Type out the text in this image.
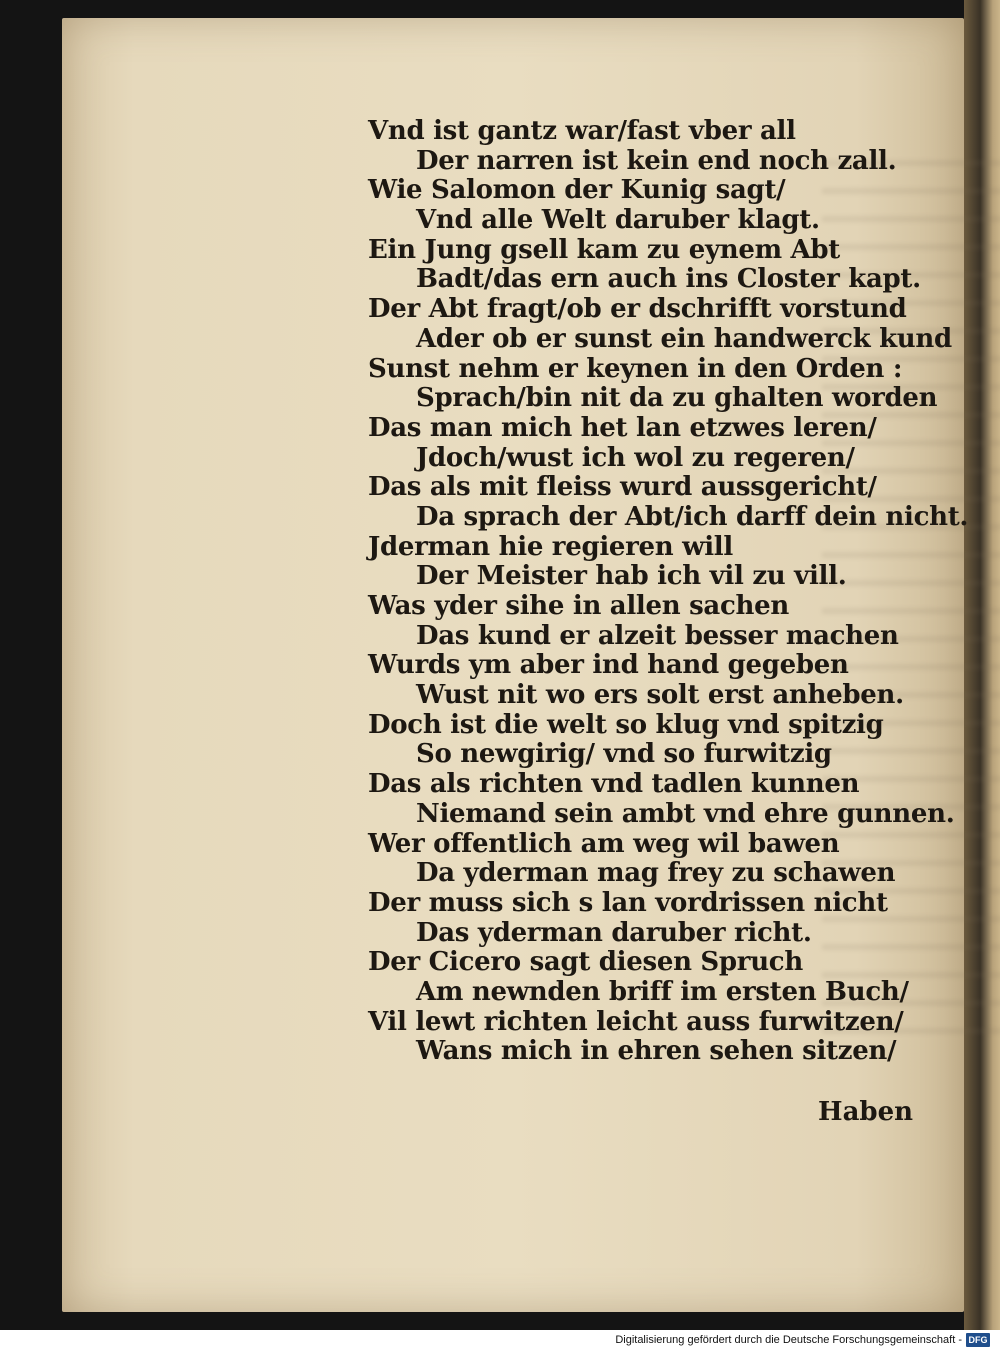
Vnd ist gantz war/fast vber all
Der narren ist kein end noch zall.
Wie Salomon der Kunig sagt/
Vnd alle Welt daruber klagt.
Ein Jung gsell kam zu eynem Abt
Badt/das ern auch ins Closter kapt.
Der Abt fragt/ob er dschrifft vorstund
Ader ob er sunst ein handwerck kund
Sunst nehm er keynen in den Orden :
Sprach/bin nit da zu ghalten worden
Das man mich het lan etzwes leren/
Jdoch/wust ich wol zu regeren/
Das als mit fleiss wurd aussgericht/
Da sprach der Abt/ich darff dein nicht.
Jderman hie regieren will
Der Meister hab ich vil zu vill.
Was yder sihe in allen sachen
Das kund er alzeit besser machen
Wurds ym aber ind hand gegeben
Wust nit wo ers solt erst anheben.
Doch ist die welt so klug vnd spitzig
So newgirig/ vnd so furwitzig
Das als richten vnd tadlen kunnen
Niemand sein ambt vnd ehre gunnen.
Wer offentlich am weg wil bawen
Da yderman mag frey zu schawen
Der muss sich s lan vordrissen nicht
Das yderman daruber richt.
Der Cicero sagt diesen Spruch
Am newnden briff im ersten Buch/
Vil lewt richten leicht auss furwitzen/
Wans mich in ehren sehen sitzen/
Haben
Digitalisierung gefördert durch die Deutsche Forschungsgemeinschaft - DFG
